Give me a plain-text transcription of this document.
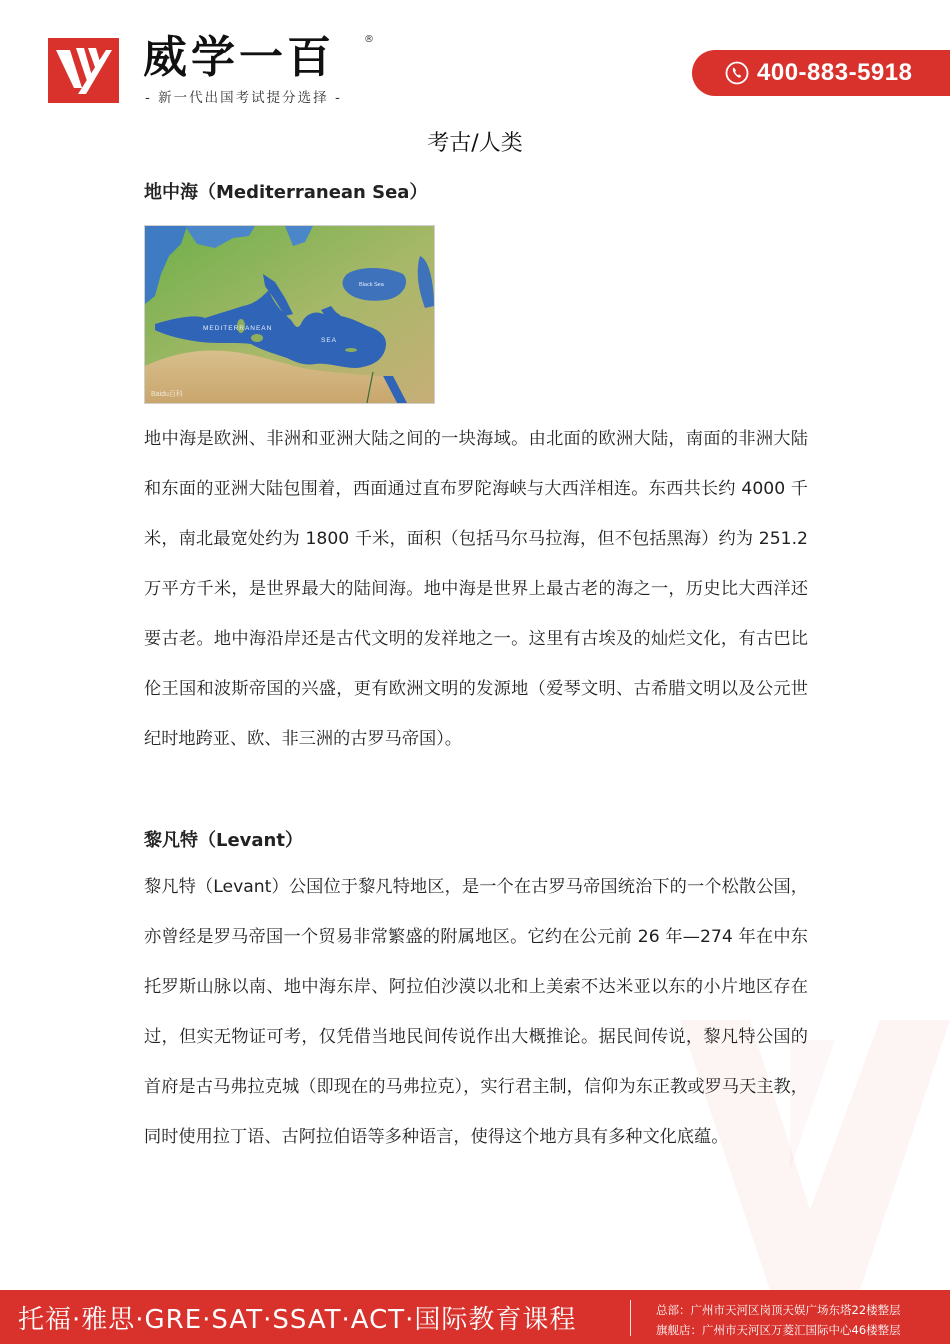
威学一百	®
- 新一代出国考试提分选择 -
400-883-5918
考古/人类
地中海（Mediterranean Sea）
MEDITERRANEAN
SEA
Black Sea
Baidu百科

地中海是欧洲、非洲和亚洲大陆之间的一块海域。由北面的欧洲大陆，南面的非洲大陆和东面的亚洲大陆包围着，西面通过直布罗陀海峡与大西洋相连。东西共长约 4000 千米，南北最宽处约为 1800 千米，面积（包括马尔马拉海，但不包括黑海）约为 251.2 万平方千米，是世界最大的陆间海。地中海是世界上最古老的海之一，历史比大西洋还要古老。地中海沿岸还是古代文明的发祥地之一。这里有古埃及的灿烂文化，有古巴比伦王国和波斯帝国的兴盛，更有欧洲文明的发源地（爱琴文明、古希腊文明以及公元世纪时地跨亚、欧、非三洲的古罗马帝国）。

黎凡特（Levant）

黎凡特（Levant）公国位于黎凡特地区，是一个在古罗马帝国统治下的一个松散公国，亦曾经是罗马帝国一个贸易非常繁盛的附属地区。它约在公元前 26 年—274 年在中东托罗斯山脉以南、地中海东岸、阿拉伯沙漠以北和上美索不达米亚以东的小片地区存在过，但实无物证可考，仅凭借当地民间传说作出大概推论。据民间传说，黎凡特公国的首府是古马弗拉克城（即现在的马弗拉克），实行君主制，信仰为东正教或罗马天主教，同时使用拉丁语、古阿拉伯语等多种语言，使得这个地方具有多种文化底蕴。

托福·雅思·GRE·SAT·SSAT·ACT·国际教育课程	总部：广州市天河区岗顶天娱广场东塔22楼整层
旗舰店：广州市天河区万菱汇国际中心46楼整层
